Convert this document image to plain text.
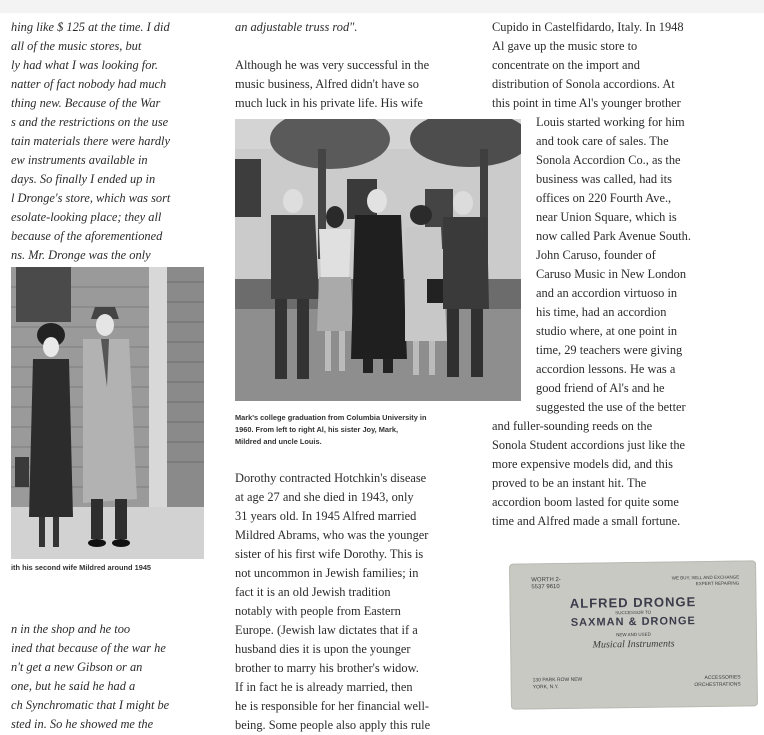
hing like $ 125 at the time. I did
all of the music stores, but
ly had what I was looking for.
natter of fact nobody had much
thing new. Because of the War
s and the restrictions on the use
tain materials there were hardly
ew instruments available in
days. So finally I ended up in
l Dronge's store, which was sort
esolate-looking place; they all
because of the aforementioned
ns. Mr. Dronge was the only
ith his second wife Mildred around 1945
n in the shop and he too
ined that because of the war he
n't get a new Gibson or an
one, but he said he had a
ch Synchromatic that I might be
sted in. So he showed me the
an adjustable truss rod".

Although he was very successful in the
music business, Alfred didn't have so
much luck in his private life. His wife
Mark's college graduation from Columbia University in
1960. From left to right Al, his sister Joy, Mark,
Mildred and uncle Louis.
Dorothy contracted Hotchkin's disease
at age 27 and she died in 1943, only
31 years old. In 1945 Alfred married
Mildred Abrams, who was the younger
sister of his first wife Dorothy. This is
not uncommon in Jewish families; in
fact it is an old Jewish tradition
notably with people from Eastern
Europe. (Jewish law dictates that if a
husband dies it is upon the younger
brother to marry his brother's widow.
If in fact he is already married, then
he is responsible for her financial well-
being. Some people also apply this rule
Cupido in Castelfidardo, Italy. In 1948
Al gave up the music store to
concentrate on the import and
distribution of Sonola accordions. At
this point in time Al's younger brother
Louis started working for him
and took care of sales. The
Sonola Accordion Co., as the
business was called, had its
offices on 220 Fourth Ave.,
near Union Square, which is
now called Park Avenue South.
John Caruso, founder of
Caruso Music in New London
and an accordion virtuoso in
his time, had an accordion
studio where, at one point in
time, 29 teachers were giving
accordion lessons. He was a
good friend of Al's and he
suggested the use of the better
and fuller-sounding reeds on the
Sonola Student accordions just like the
more expensive models did, and this
proved to be an instant hit. The
accordion boom lasted for quite some
time and Alfred made a small fortune.
WORTH 2-5537 9610
WE BUY, SELL AND EXCHANGE EXPERT REPAIRING
ALFRED DRONGE
SUCCESSOR TO
SAXMAN & DRONGE
NEW AND USED
Musical Instruments
130 PARK ROW NEW YORK, N.Y.
ACCESSORIES ORCHESTRATIONS
